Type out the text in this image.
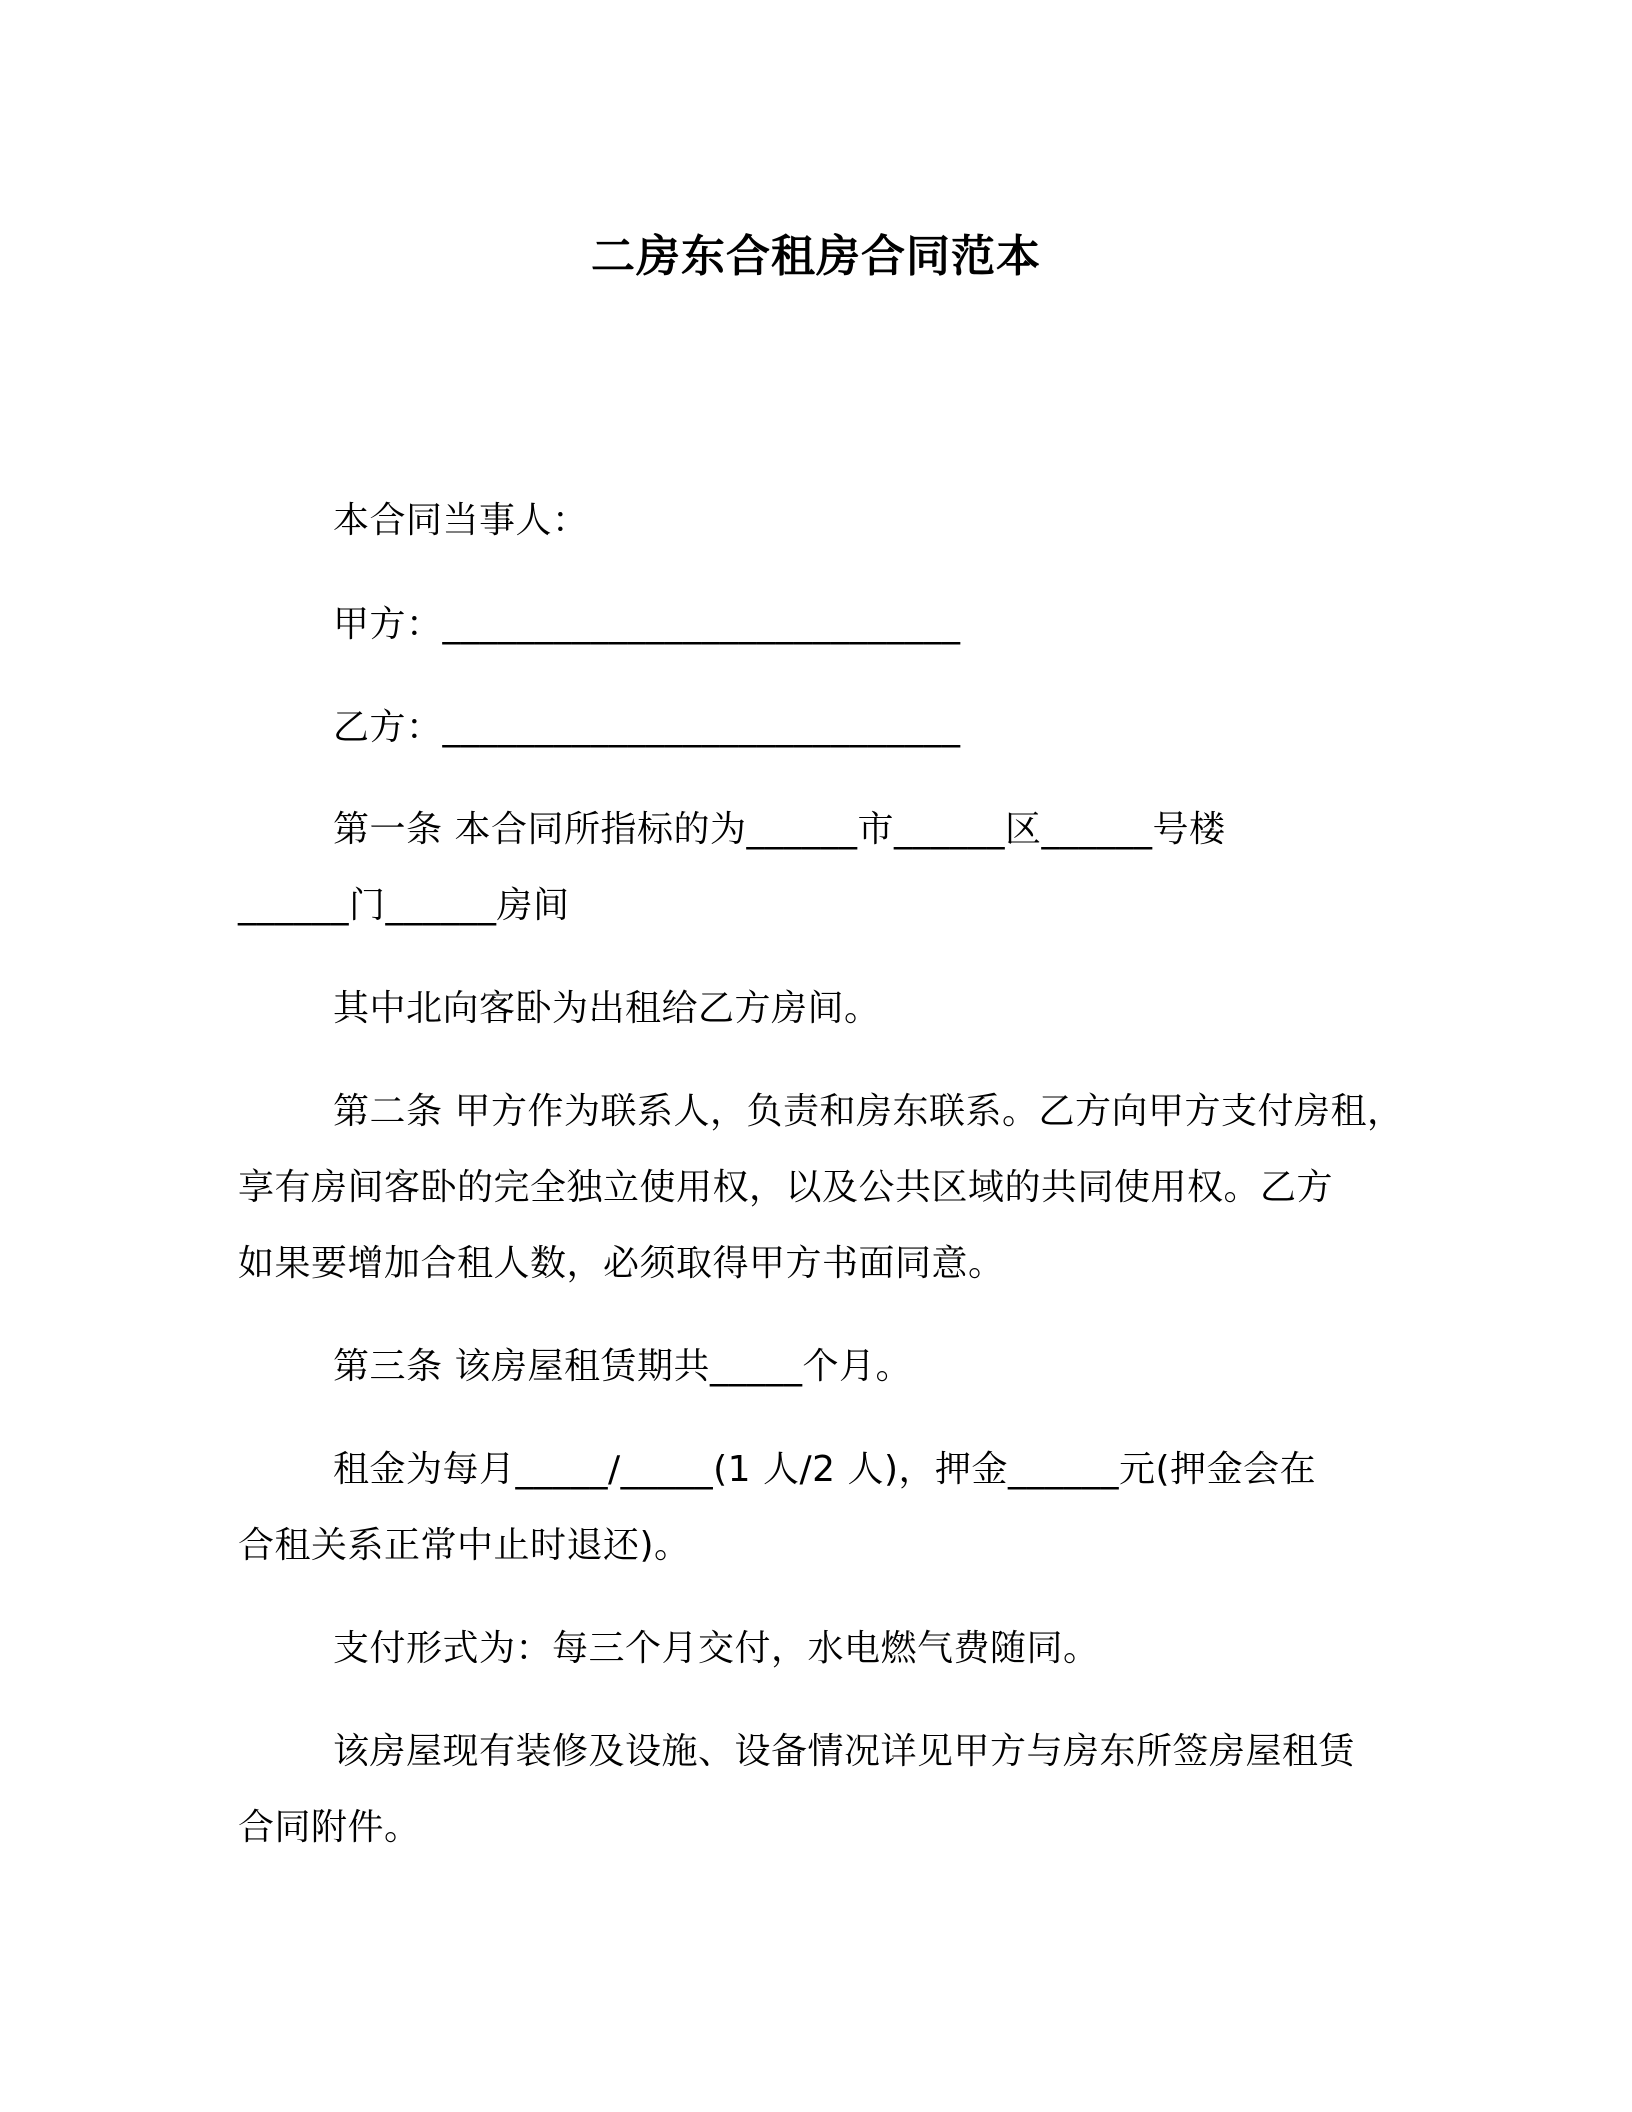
二房东合租房合同范本
本合同当事人：
甲方：____________________________
乙方：____________________________
第一条 本合同所指标的为______市______区______号楼
______门______房间
其中北向客卧为出租给乙方房间。
第二条 甲方作为联系人，负责和房东联系。乙方向甲方支付房租，
享有房间客卧的完全独立使用权，以及公共区域的共同使用权。乙方
如果要增加合租人数，必须取得甲方书面同意。
第三条 该房屋租赁期共_____个月。
租金为每月_____/_____(1 人/2 人)，押金______元(押金会在
合租关系正常中止时退还)。
支付形式为：每三个月交付，水电燃气费随同。
该房屋现有装修及设施、设备情况详见甲方与房东所签房屋租赁
合同附件。
